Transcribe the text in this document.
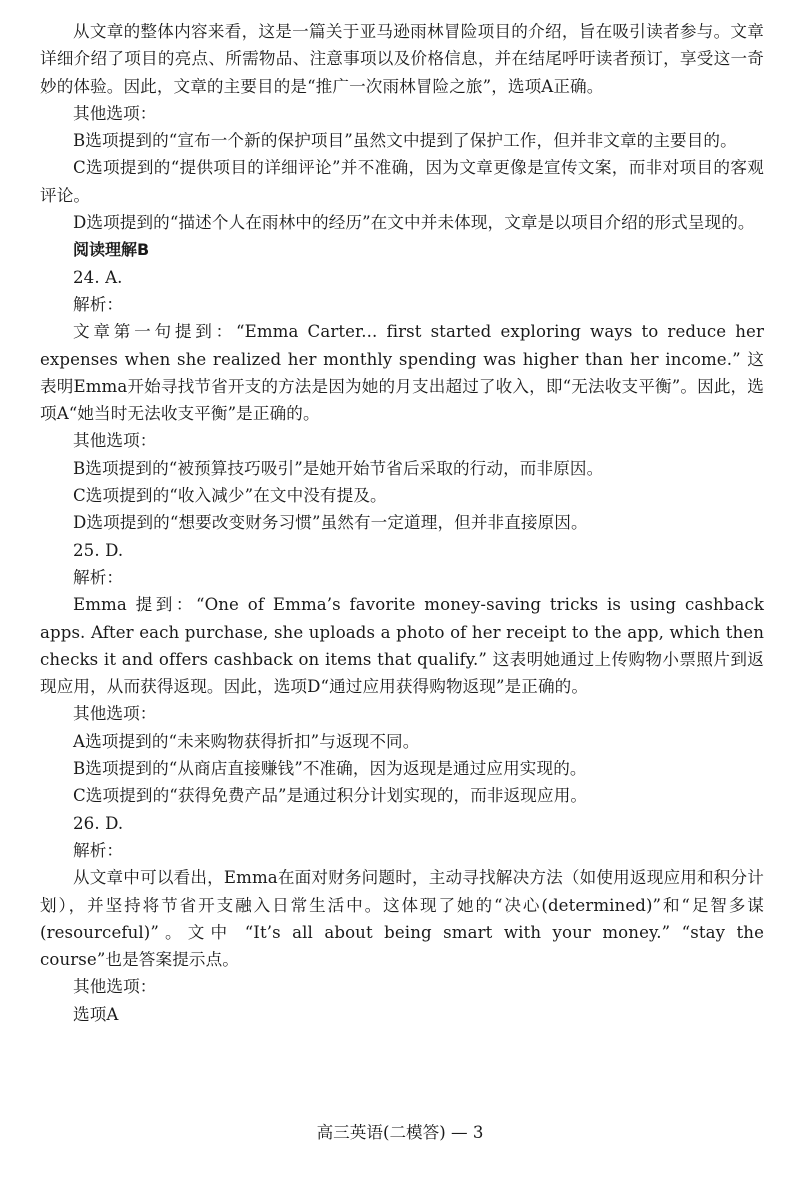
从文章的整体内容来看，这是一篇关于亚马逊雨林冒险项目的介绍，旨在吸引读者参与。文章详细介绍了项目的亮点、所需物品、注意事项以及价格信息，并在结尾呼吁读者预订，享受这一奇妙的体验。因此，文章的主要目的是“推广一次雨林冒险之旅”，选项A正确。

其他选项：

B选项提到的“宣布一个新的保护项目”虽然文中提到了保护工作，但并非文章的主要目的。

C选项提到的“提供项目的详细评论”并不准确，因为文章更像是宣传文案，而非对项目的客观评论。

D选项提到的“描述个人在雨林中的经历”在文中并未体现，文章是以项目介绍的形式呈现的。

阅读理解B

24. A.

解析：

文章第一句提到：“Emma Carter... first started exploring ways to reduce her expenses when she realized her monthly spending was higher than her income.” 这表明Emma开始寻找节省开支的方法是因为她的月支出超过了收入，即“无法收支平衡”。因此，选项A“她当时无法收支平衡”是正确的。

其他选项：

B选项提到的“被预算技巧吸引”是她开始节省后采取的行动，而非原因。

C选项提到的“收入减少”在文中没有提及。

D选项提到的“想要改变财务习惯”虽然有一定道理，但并非直接原因。

25. D.

解析：

Emma 提到：“One of Emma’s favorite money-saving tricks is using cashback apps. After each purchase, she uploads a photo of her receipt to the app, which then checks it and offers cashback on items that qualify.” 这表明她通过上传购物小票照片到返现应用，从而获得返现。因此，选项D“通过应用获得购物返现”是正确的。

其他选项：

A选项提到的“未来购物获得折扣”与返现不同。

B选项提到的“从商店直接赚钱”不准确，因为返现是通过应用实现的。

C选项提到的“获得免费产品”是通过积分计划实现的，而非返现应用。

26. D.

解析：

从文章中可以看出，Emma在面对财务问题时，主动寻找解决方法（如使用返现应用和积分计划），并坚持将节省开支融入日常生活中。这体现了她的“决心(determined)”和“足智多谋(resourceful)”。文中 “It’s all about being smart with your money.” “stay the course”也是答案提示点。

其他选项：

选项A

高三英语(二模答) — 3
